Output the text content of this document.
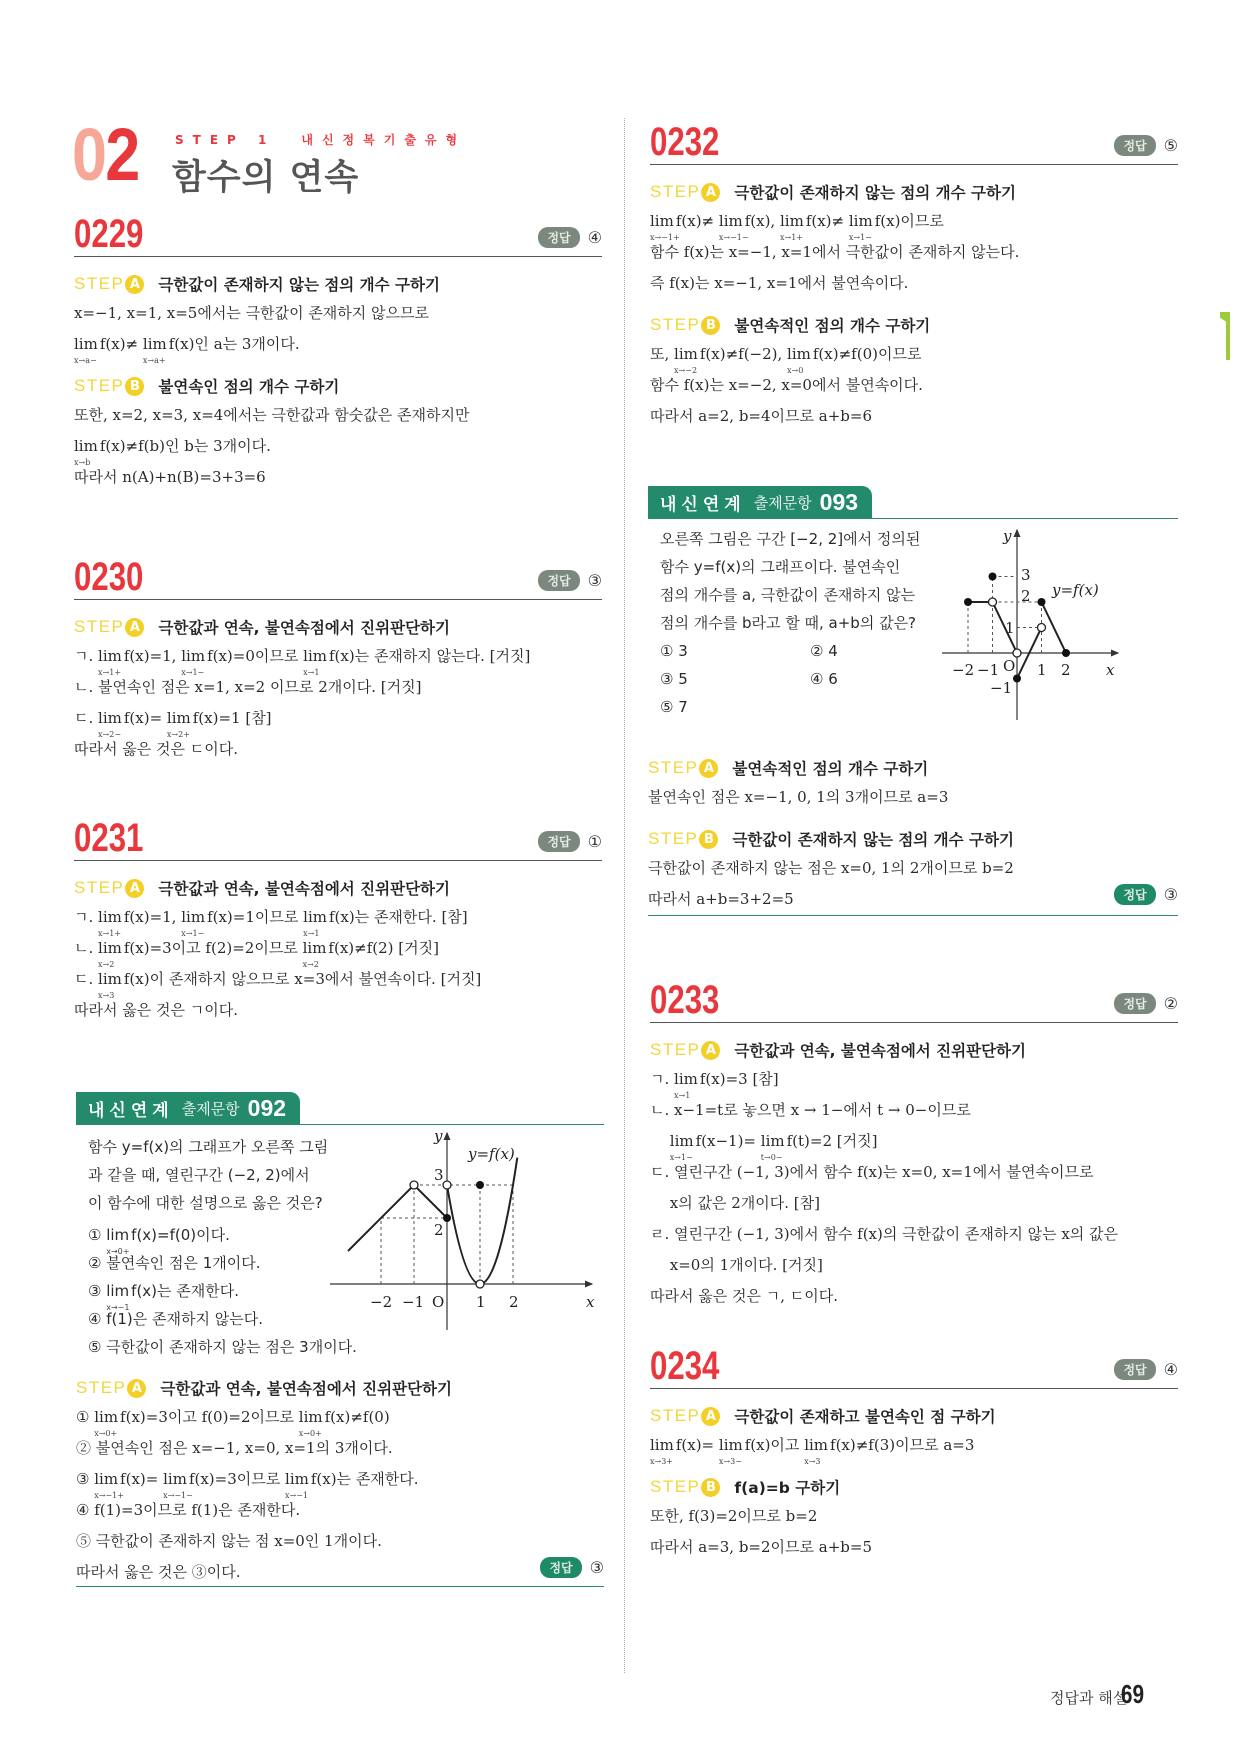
02	STEP 1 내신정복기출유형
함수의 연속
0229	정답	④
STEP A 극한값이 존재하지 않는 점의 개수 구하기
x=−1, x=1, x=5에서는 극한값이 존재하지 않으므로
lim
x→a−
f(x)≠ lim
x→a+
f(x)인 a는 3개이다.
STEP B 불연속인 점의 개수 구하기
또한, x=2, x=3, x=4에서는 극한값과 함숫값은 존재하지만
lim
x→b
f(x)≠f(b)인 b는 3개이다.
따라서 n(A)+n(B)=3+3=6
0230	정답	③
STEP A 극한값과 연속, 불연속점에서 진위판단하기
ㄱ. lim
x→1+
f(x)=1, lim
x→1−
f(x)=0이므로 lim
x→1
f(x)는 존재하지 않는다. [거짓]
ㄴ. 불연속인 점은 x=1, x=2 이므로 2개이다. [거짓]
ㄷ. lim
x→2−
f(x)= lim
x→2+
f(x)=1 [참]
따라서 옳은 것은 ㄷ이다.
0231	정답	①
STEP A 극한값과 연속, 불연속점에서 진위판단하기
ㄱ. lim
x→1+
f(x)=1, lim
x→1−
f(x)=1이므로 lim
x→1
f(x)는 존재한다. [참]
ㄴ. lim
x→2
f(x)=3이고 f(2)=2이므로 lim
x→2
f(x)≠f(2) [거짓]
ㄷ. lim
x→3
f(x)이 존재하지 않으므로 x=3에서 불연속이다. [거짓]
따라서 옳은 것은 ㄱ이다.
내신연계 출제문항 092
함수 y=f(x)의 그래프가 오른쪽 그림
과 같을 때, 열린구간 (−2, 2)에서
이 함수에 대한 설명으로 옳은 것은?
① lim
x→0+
f(x)=f(0)이다.
② 불연속인 점은 1개이다.
③ lim
x→−1
f(x)는 존재한다.
④ f(1)은 존재하지 않는다.
⑤ 극한값이 존재하지 않는 점은 3개이다.
STEP A 극한값과 연속, 불연속점에서 진위판단하기
① lim
x→0+
f(x)=3이고 f(0)=2이므로 lim
x→0+
f(x)≠f(0)
② 불연속인 점은 x=−1, x=0, x=1의 3개이다.
③ lim
x→−1+
f(x)= lim
x→−1−
f(x)=3이므로 lim
x→−1
f(x)는 존재한다.
④ f(1)=3이므로 f(1)은 존재한다.
⑤ 극한값이 존재하지 않는 점 x=0인 1개이다.
따라서 옳은 것은 ③이다.	정답	③
y
x
O
y=f(x)
−2 −1	1 2
3
2
0232	정답	⑤
STEP A 극한값이 존재하지 않는 점의 개수 구하기
lim
x→−1+
f(x)≠ lim
x→−1−
f(x), lim
x→1+
f(x)≠ lim
x→1−
f(x)이므로
함수 f(x)는 x=−1, x=1에서 극한값이 존재하지 않는다.
즉 f(x)는 x=−1, x=1에서 불연속이다.
STEP B 불연속적인 점의 개수 구하기
또, lim
x→−2
f(x)≠f(−2), lim
x→0
f(x)≠f(0)이므로
함수 f(x)는 x=−2, x=0에서 불연속이다.
따라서 a=2, b=4이므로 a+b=6
내신연계 출제문항 093
오른쪽 그림은 구간 [−2, 2]에서 정의된
함수 y=f(x)의 그래프이다. 불연속인
점의 개수를 a, 극한값이 존재하지 않는
점의 개수를 b라고 할 때, a+b의 값은?
① 3	② 4
③ 5	④ 6
⑤ 7
STEP A 불연속적인 점의 개수 구하기
불연속인 점은 x=−1, 0, 1의 3개이므로 a=3
STEP B 극한값이 존재하지 않는 점의 개수 구하기
극한값이 존재하지 않는 점은 x=0, 1의 2개이므로 b=2
따라서 a+b=3+2=5	정답	③
y
x
O
y=f(x)
−2 −1	1 2
3
2
1
−1
0233	정답	②
STEP A 극한값과 연속, 불연속점에서 진위판단하기
ㄱ. lim
x→1
f(x)=3 [참]
ㄴ. x−1=t로 놓으면 x → 1−에서 t → 0−이므로
　 lim
x→1−
f(x−1)= lim
t→0−
f(t)=2 [거짓]
ㄷ. 열린구간 (−1, 3)에서 함수 f(x)는 x=0, x=1에서 불연속이므로
　 x의 값은 2개이다. [참]
ㄹ. 열린구간 (−1, 3)에서 함수 f(x)의 극한값이 존재하지 않는 x의 값은
　 x=0의 1개이다. [거짓]
따라서 옳은 것은 ㄱ, ㄷ이다.
0234	정답	④
STEP A 극한값이 존재하고 불연속인 점 구하기
lim
x→3+
f(x)= lim
x→3−
f(x)이고 lim
x→3
f(x)≠f(3)이므로 a=3
STEP B f(a)=b 구하기
또한, f(3)=2이므로 b=2
따라서 a=3, b=2이므로 a+b=5
정답과 해설
69
